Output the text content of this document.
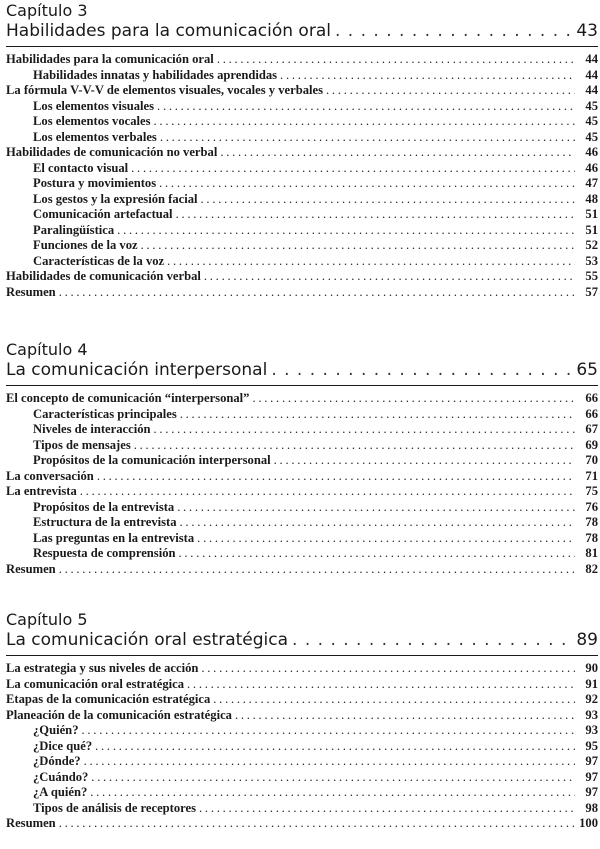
Capítulo 3
Habilidades para la comunicación oral . . .	43
Habilidades para la comunicación oral . . .	44
Habilidades innatas y habilidades aprendidas . . .	44
La fórmula V-V-V de elementos visuales, vocales y verbales . . .	44
Los elementos visuales . . .	45
Los elementos vocales . . .	45
Los elementos verbales . . .	45
Habilidades de comunicación no verbal . . .	46
El contacto visual . . .	46
Postura y movimientos . . .	47
Los gestos y la expresión facial . . .	48
Comunicación artefactual . . .	51
Paralingüística . . .	51
Funciones de la voz . . .	52
Características de la voz . . .	53
Habilidades de comunicación verbal . . .	55
Resumen . . .	57
Capítulo 4
La comunicación interpersonal . . .	65
El concepto de comunicación “interpersonal” . . .	66
Características principales . . .	66
Niveles de interacción . . .	67
Tipos de mensajes . . .	69
Propósitos de la comunicación interpersonal . . .	70
La conversación . . .	71
La entrevista . . .	75
Propósitos de la entrevista . . .	76
Estructura de la entrevista . . .	78
Las preguntas en la entrevista . . .	78
Respuesta de comprensión . . .	81
Resumen . . .	82
Capítulo 5
La comunicación oral estratégica . . .	89
La estrategia y sus niveles de acción . . .	90
La comunicación oral estratégica . . .	91
Etapas de la comunicación estratégica . . .	92
Planeación de la comunicación estratégica . . .	93
¿Quién? . . .	93
¿Dice qué? . . .	95
¿Dónde? . . .	97
¿Cuándo? . . .	97
¿A quién? . . .	97
Tipos de análisis de receptores . . .	98
Resumen . . .	100
